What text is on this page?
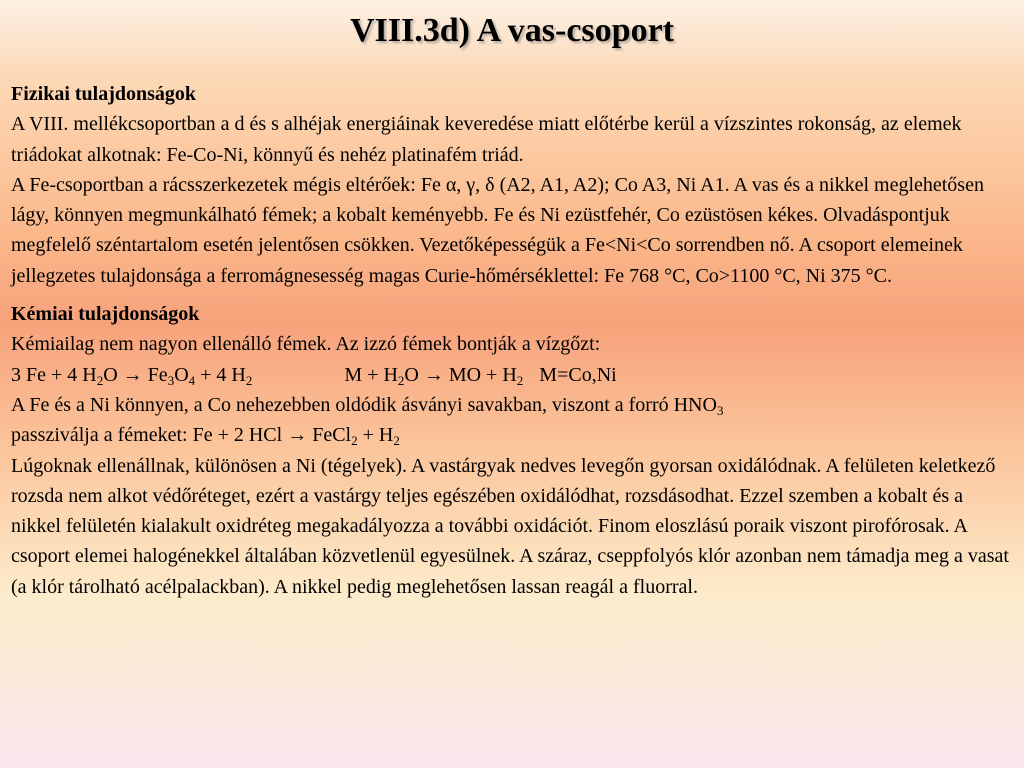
VIII.3d) A vas-csoport

Fizikai tulajdonságok

A VIII. mellékcsoportban a d és s alhéjak energiáinak keveredése miatt előtérbe kerül a vízszintes rokonság, az elemek triádokat alkotnak: Fe-Co-Ni, könnyű és nehéz platinafém triád.

A Fe-csoportban a rácsszerkezetek mégis eltérőek: Fe α, γ, δ (A2, A1, A2); Co A3, Ni A1. A vas és a nikkel meglehetősen lágy, könnyen megmunkálható fémek; a kobalt keményebb. Fe és Ni ezüstfehér, Co ezüstösen kékes. Olvadáspontjuk megfelelő széntartalom esetén jelentősen csökken. Vezetőképességük a Fe<Ni<Co sorrendben nő. A csoport elemeinek jellegzetes tulajdonsága a ferromágnesesség magas Curie-hőmérséklettel: Fe 768 °C, Co>1100 °C, Ni 375 °C.

Kémiai tulajdonságok

Kémiailag nem nagyon ellenálló fémek. Az izzó fémek bontják a vízgőzt:

3 Fe + 4 $H_2O \to Fe_3O_4 + 4$ $H_2$	$M + H_2O$ → MO + $H_2$ M=Co,Ni

A Fe és a Ni könnyen, a Co nehezebben oldódik ásványi savakban, viszont a forró $HNO_3$
passziválja a fémeket: Fe + 2 HCl → FeCl$_2$ + $H_2$

Lúgoknak ellenállnak, különösen a Ni (tégelyek). A vastárgyak nedves levegőn gyorsan oxidálódnak. A felületen keletkező rozsda nem alkot védőréteget, ezért a vastárgy teljes egészében oxidálódhat, rozsdásodhat. Ezzel szemben a kobalt és a nikkel felületén kialakult oxidréteg megakadályozza a további oxidációt. Finom eloszlású poraik viszont pirofórosak. A csoport elemei halogénekkel általában közvetlenül egyesülnek. A száraz, cseppfolyós klór azonban nem támadja meg a vasat (a klór tárolható acélpalackban). A nikkel pedig meglehetősen lassan reagál a fluorral.
